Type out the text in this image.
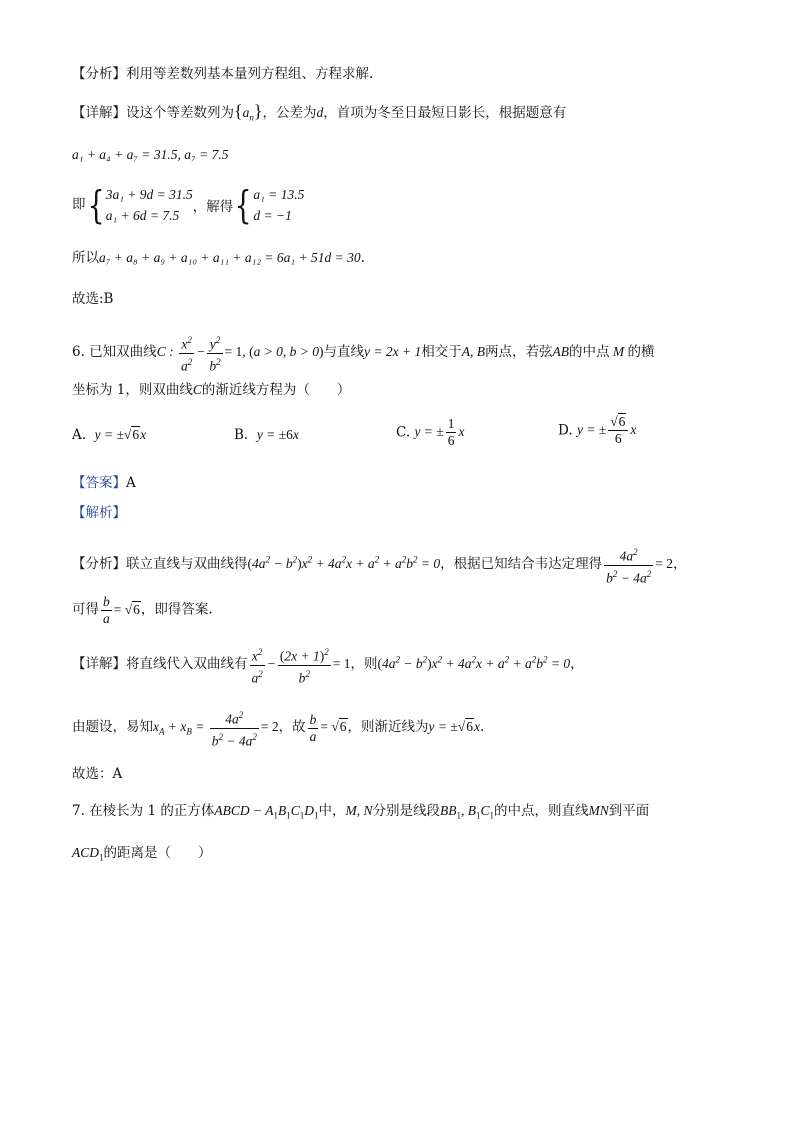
【分析】利用等差数列基本量列方程组、方程求解.
【详解】设这个等差数列为$\{a_n\}$，公差为d，首项为冬至日最短日影长，根据题意有
a₁ + a₄ + a₇ = 31.5, a₇ = 7.5
即{ 3a₁ + 9d = 31.5
a₁ + 6d = 7.5
，解得{ a₁ = 13.5
d = −1
所以a₇ + a₈ + a₉ + a₁₀ + a₁₁ + a₁₂ = 6a₁ + 51d = 30.
故选:B
6. 已知双曲线C : $\frac{x^2}{a^2} - \frac{y^2}{b^2} = 1$, (a > 0, b > 0)与直线y = 2x + 1相交于A, B两点，若弦AB的中点 M 的横
坐标为 1，则双曲线C的渐近线方程为（　　）
A. y = ±√6x	B. y = ±6x	C. y = ± $\frac{1}{6}$ x	D. y = ± $\frac{√6}{6}$ x
【答案】A
【解析】
【分析】联立直线与双曲线得$(4a^2 - b^2)x^2 + 4a^2x + a^2 + a^2b^2 = 0$，根据已知结合韦达定理得 $\frac{4a^2}{b^2 - 4a^2} = 2$，
可得 $\frac{b}{a} = √6$，即得答案.
【详解】将直线代入双曲线有 $\frac{x^2}{a^2} - \frac{(2x + 1)^2}{b^2} = 1$，则$(4a^2 - b^2)x^2 + 4a^2x + a^2 + a^2b^2 = 0$，
由题设，易知$x_A + x_B = \frac{4a^2}{b^2 - 4a^2} = 2$，故 $\frac{b}{a} = √6$，则渐近线为y = ±√6x.
故选：A
7. 在棱长为 1 的正方体ABCD − $A_1B_1C_1D_1$中，M, N分别是线段$BB_1$, $B_1C_1$的中点，则直线MN到平面
$ACD_1$的距离是（　　）
